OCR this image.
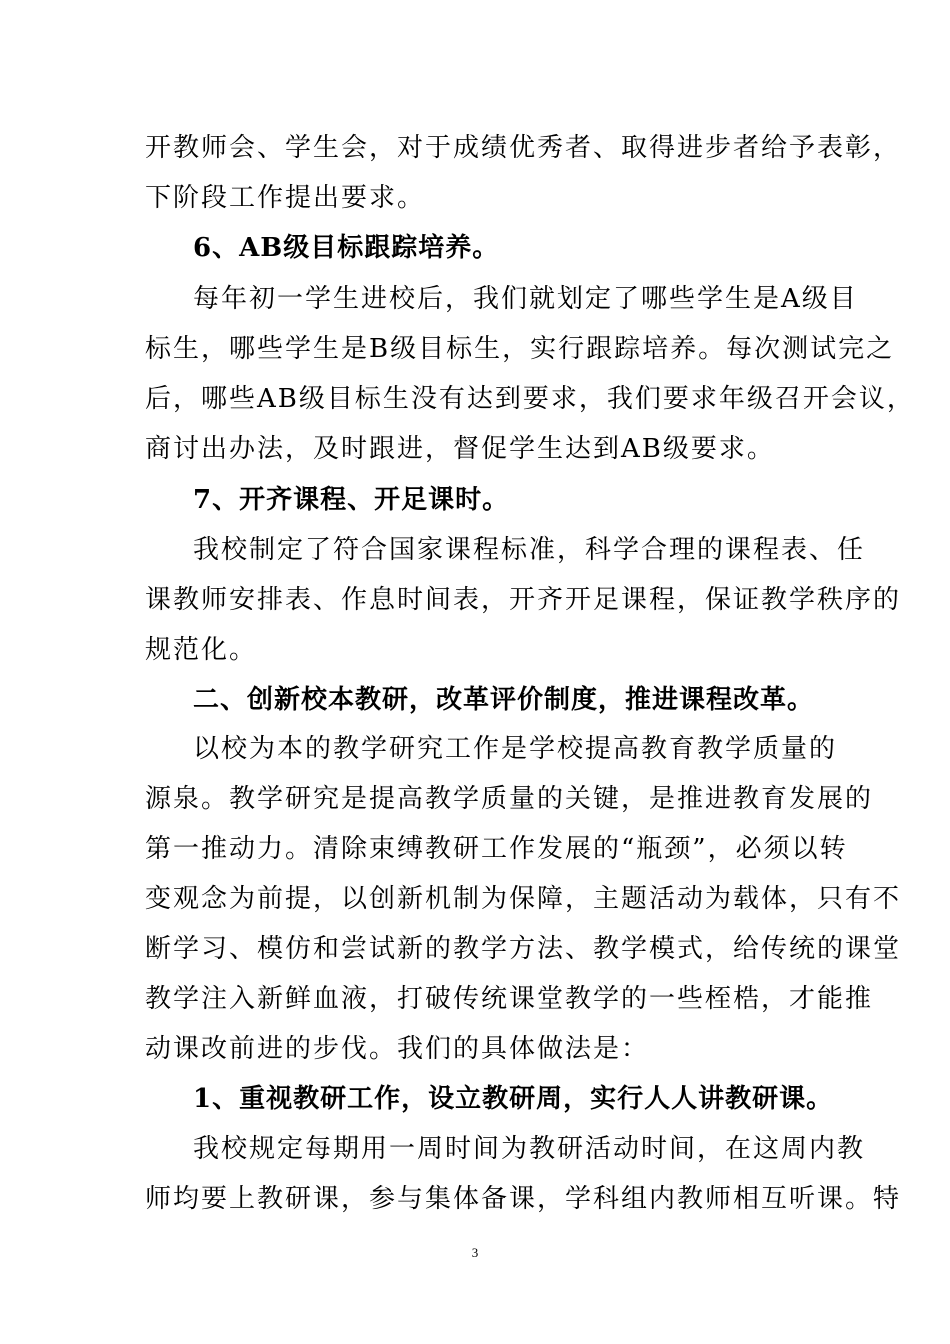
开教师会、学生会，对于成绩优秀者、取得进步者给予表彰，
下阶段工作提出要求。
6、AB级目标跟踪培养。
每年初一学生进校后，我们就划定了哪些学生是A级目
标生，哪些学生是B级目标生，实行跟踪培养。每次测试完之
后，哪些AB级目标生没有达到要求，我们要求年级召开会议，
商讨出办法，及时跟进，督促学生达到AB级要求。
7、开齐课程、开足课时。
我校制定了符合国家课程标准，科学合理的课程表、任
课教师安排表、作息时间表，开齐开足课程，保证教学秩序的
规范化。
二、创新校本教研，改革评价制度，推进课程改革。
以校为本的教学研究工作是学校提高教育教学质量的
源泉。教学研究是提高教学质量的关键，是推进教育发展的
第一推动力。清除束缚教研工作发展的“瓶颈”，必须以转
变观念为前提，以创新机制为保障，主题活动为载体，只有不
断学习、模仿和尝试新的教学方法、教学模式，给传统的课堂
教学注入新鲜血液，打破传统课堂教学的一些桎梏，才能推
动课改前进的步伐。我们的具体做法是：
1、重视教研工作，设立教研周，实行人人讲教研课。
我校规定每期用一周时间为教研活动时间，在这周内教
师均要上教研课，参与集体备课，学科组内教师相互听课。特
3
